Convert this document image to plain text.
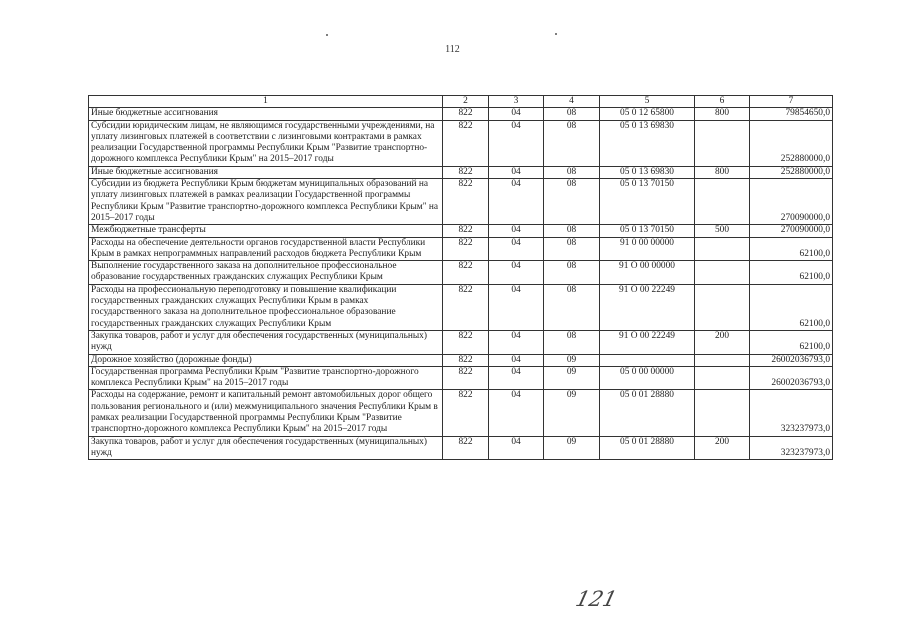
112
1	2	3	4	5	6	7
Иные бюджетные ассигнования	822	04	08	05 0 12 65800	800	79854650,0
Субсидии юридическим лицам, не являющимся государственными учреждениями, на уплату лизинговых платежей в соответствии с лизинговыми контрактами в рамках реализации Государственной программы Республики Крым "Развитие транспортно-дорожного комплекса Республики Крым" на 2015–2017 годы	822	04	08	05 0 13 69830		252880000,0
Иные бюджетные ассигнования	822	04	08	05 0 13 69830	800	252880000,0
Субсидии из бюджета Республики Крым бюджетам муниципальных образований на уплату лизинговых платежей в рамках реализации Государственной программы Республики Крым "Развитие транспортно-дорожного комплекса Республики Крым" на 2015–2017 годы	822	04	08	05 0 13 70150		270090000,0
Межбюджетные трансферты	822	04	08	05 0 13 70150	500	270090000,0
Расходы на обеспечение деятельности органов государственной власти Республики Крым в рамках непрограммных направлений расходов бюджета Республики Крым	822	04	08	91 0 00 00000		62100,0
Выполнение государственного заказа на дополнительное профессиональное образование государственных гражданских служащих Республики Крым	822	04	08	91 О 00 00000		62100,0
Расходы на профессиональную переподготовку и повышение квалификации государственных гражданских служащих Республики Крым в рамках государственного заказа на дополнительное профессиональное образование государственных гражданских служащих Республики Крым	822	04	08	91 О 00 22249		62100,0
Закупка товаров, работ и услуг для обеспечения государственных (муниципальных) нужд	822	04	08	91 О 00 22249	200	62100,0
Дорожное хозяйство (дорожные фонды)	822	04	09			26002036793,0
Государственная программа Республики Крым "Развитие транспортно-дорожного комплекса Республики Крым" на 2015–2017 годы	822	04	09	05 0 00 00000		26002036793,0
Расходы на содержание, ремонт и капитальный ремонт автомобильных дорог общего пользования регионального и (или) межмуниципального значения Республики Крым в рамках реализации Государственной программы Республики Крым "Развитие транспортно-дорожного комплекса Республики Крым" на 2015–2017 годы	822	04	09	05 0 01 28880		323237973,0
Закупка товаров, работ и услуг для обеспечения государственных (муниципальных) нужд	822	04	09	05 0 01 28880	200	323237973,0
121
